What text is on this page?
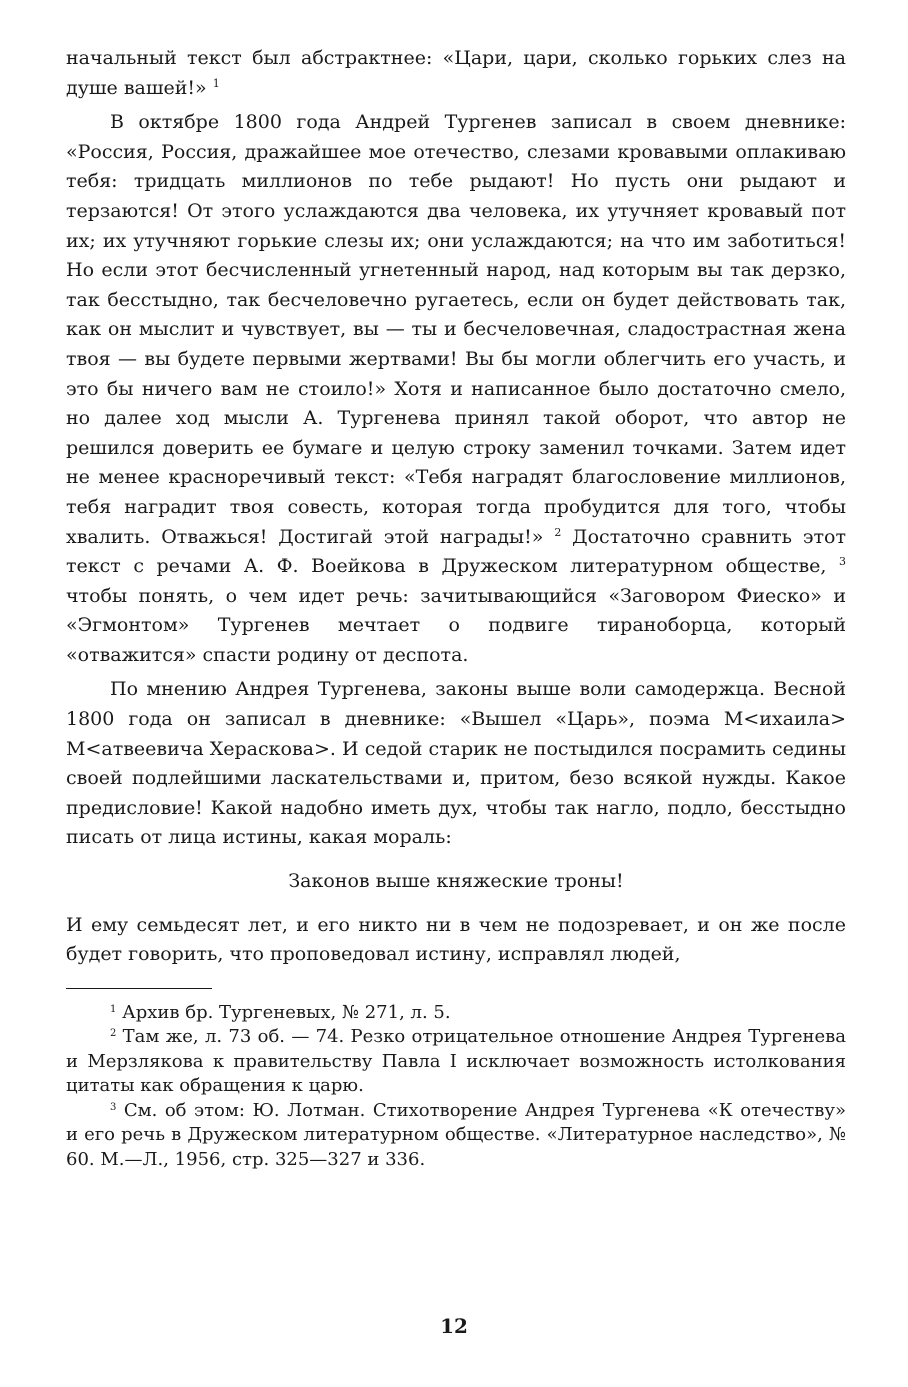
начальный текст был абстрактнее: «Цари, цари, сколько горьких слез на душе вашей!» $^1$

В октябре 1800 года Андрей Тургенев записал в своем дневнике: «Россия, Россия, дражайшее мое отечество, слезами кровавыми оплакиваю тебя: тридцать миллионов по тебе рыдают! Но пусть они рыдают и терзаются! От этого услаждаются два человека, их утучняет кровавый пот их; их утучняют горькие слезы их; они услаждаются; на что им заботиться! Но если этот бесчисленный угнетенный народ, над которым вы так дерзко, так бесстыдно, так бесчеловечно ругаетесь, если он будет действовать так, как он мыслит и чувствует, вы — ты и бесчеловечная, сладострастная жена твоя — вы будете первыми жертвами! Вы бы могли облегчить его участь, и это бы ничего вам не стоило!» Хотя и написанное было достаточно смело, но далее ход мысли А. Тургенева принял такой оборот, что автор не решился доверить ее бумаге и целую строку заменил точками. Затем идет не менее красноречивый текст: «Тебя наградят благословение миллионов, тебя наградит твоя совесть, которая тогда пробудится для того, чтобы хвалить. Отважься! Достигай этой награды!» $^2$ Достаточно сравнить этот текст с речами А. Ф. Воейкова в Дружеском литературном обществе, $^3$ чтобы понять, о чем идет речь: зачитывающийся «Заговором Фиеско» и «Эгмонтом» Тургенев мечтает о подвиге тираноборца, который «отважится» спасти родину от деспота.

По мнению Андрея Тургенева, законы выше воли самодержца. Весной 1800 года он записал в дневнике: «Вышел «Царь», поэма М<ихаила> М<атвеевича Хераскова>. И седой старик не постыдился посрамить седины своей подлейшими ласкательствами и, притом, безо всякой нужды. Какое предисловие! Какой надобно иметь дух, чтобы так нагло, подло, бесстыдно писать от лица истины, какая мораль:

Законов выше княжеские троны!

И ему семьдесят лет, и его никто ни в чем не подозревает, и он же после будет говорить, что проповедовал истину, исправлял людей,

$^1$ Архив бр. Тургеневых, № 271, л. 5.

$^2$ Там же, л. 73 об. — 74. Резко отрицательное отношение Андрея Тургенева и Мерзлякова к правительству Павла I исключает возможность истолкования цитаты как обращения к царю.

$^3$ См. об этом: Ю. Лотман. Стихотворение Андрея Тургенева «К отечеству» и его речь в Дружеском литературном обществе. «Литературное наследство», № 60. М.—Л., 1956, стр. 325—327 и 336.

12
